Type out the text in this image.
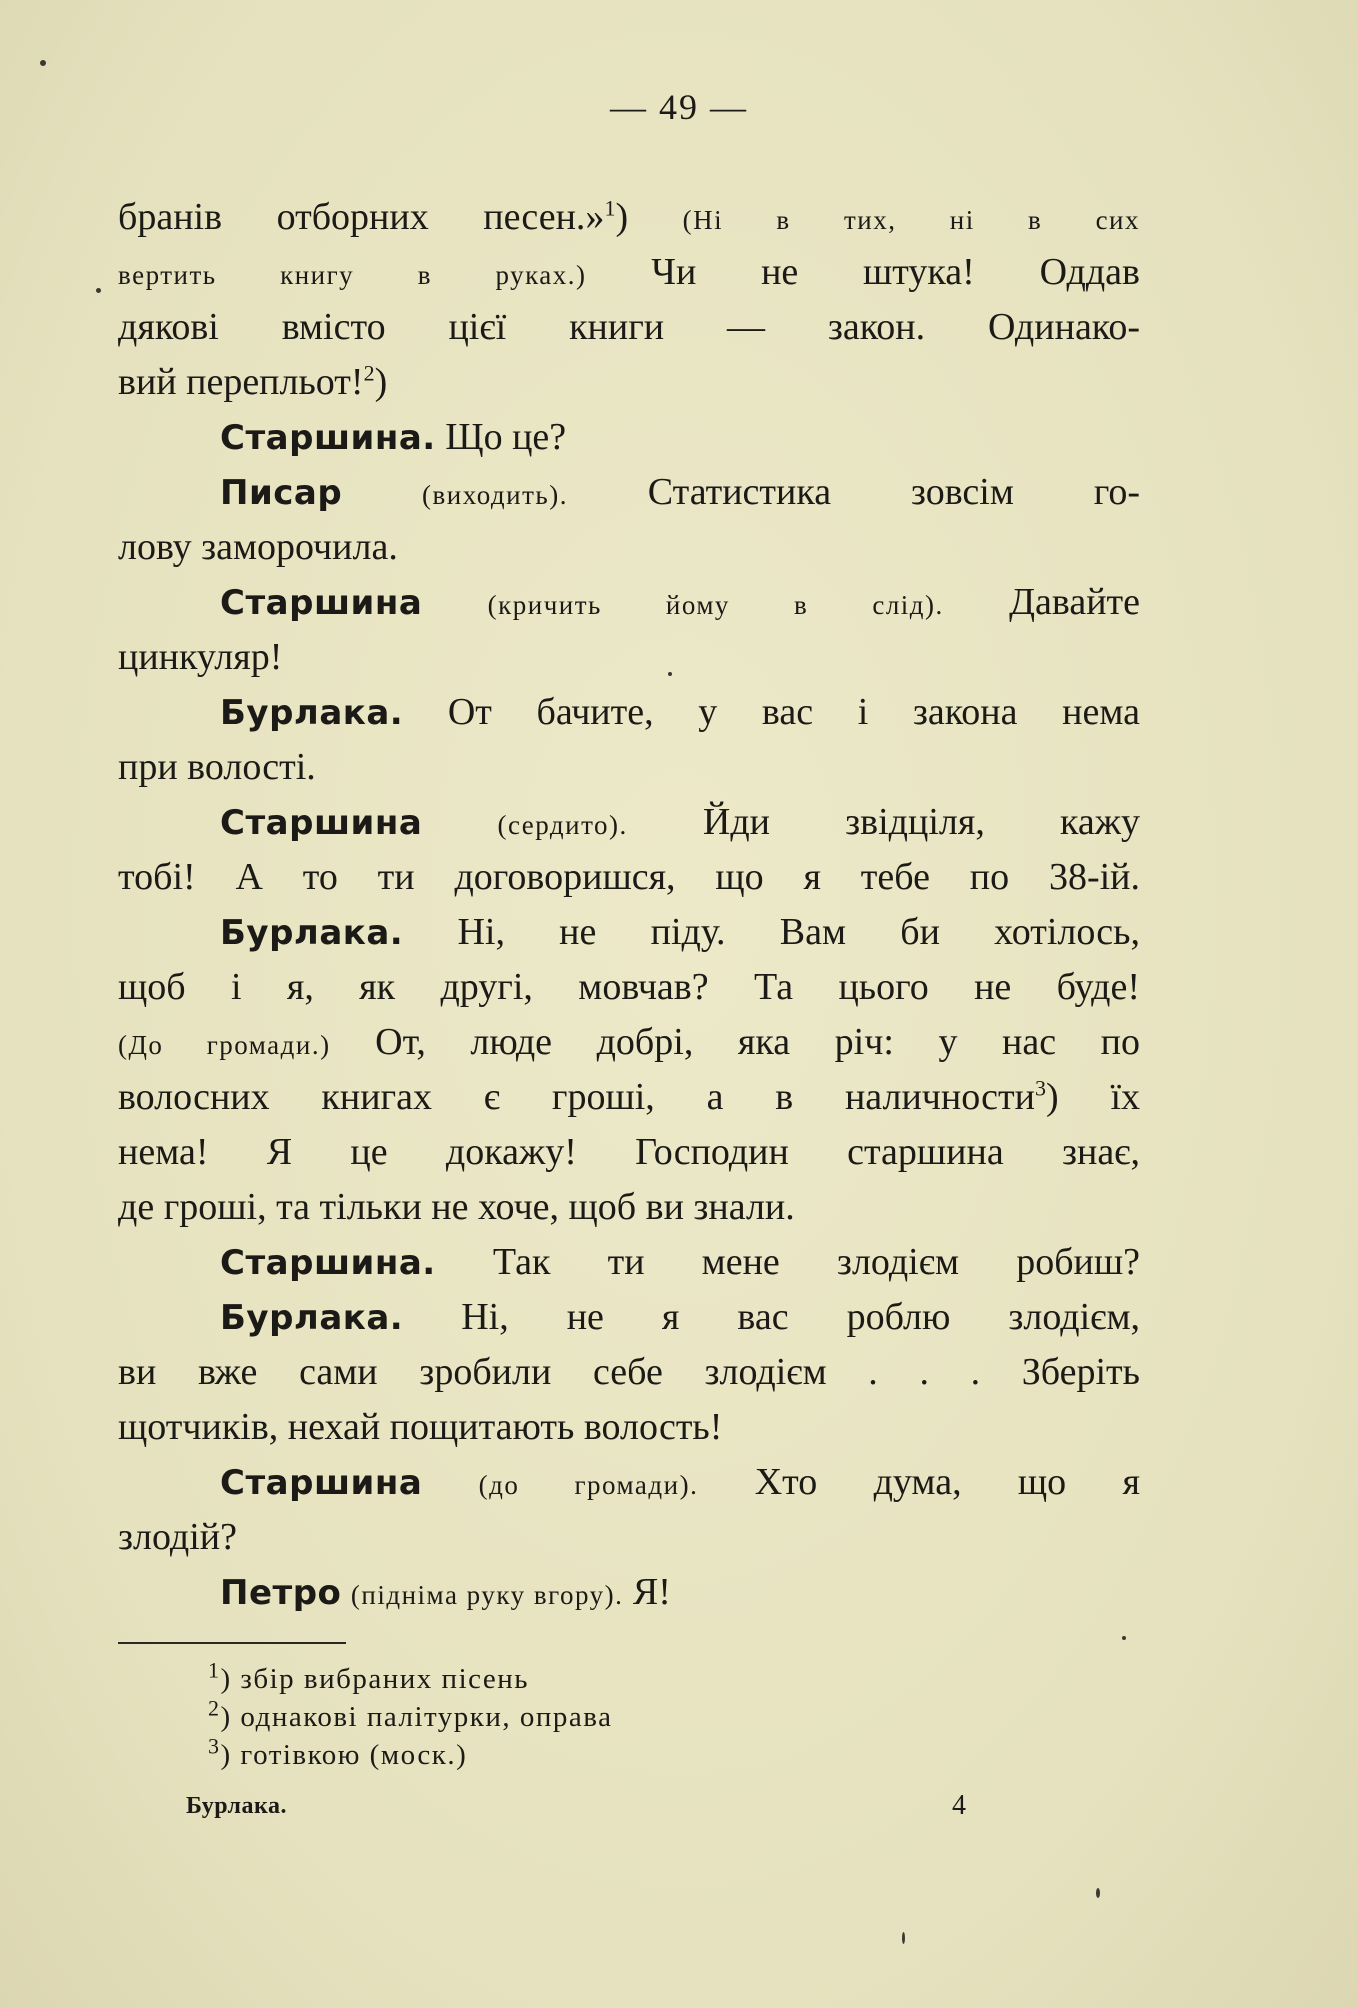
— 49 —
бранів отборних песен.»$^1$) (Ні в тих, ні в сих
вертить книгу в руках.) Чи не штука! Оддав
дякові вмісто цієї книги — закон. Одинако-
вий перепльот!$^2$)
Старшина. Що це?
Писар	(виходить). Статистика зовсім го-
лову заморочила.
Старшина (кричить йому в слід). Давайте
цинкуляр!
Бурлака. От бачите, у вас і закона нема
при волості.
Старшина	(сердито). Йди звідціля, кажу
тобі! А то ти договоришся, що я тебе по 38-ій.
Бурлака. Ні, не піду. Вам би хотілось,
щоб і я, як другі, мовчав? Та цього не буде!
(До громади.) От, люде добрі, яка річ: у нас по
волосних книгах є гроші, а в наличности$^3$) їх
нема! Я це докажу! Господин старшина знає,
де гроші, та тільки не хоче, щоб ви знали.
Старшина. Так ти мене злодієм робиш?
Бурлака. Ні, не я вас роблю злодієм,
ви вже сами зробили себе злодієм . . . Зберіть
щотчиків, нехай пощитають волость!
Старшина (до громади). Хто дума, що я
злодій?
Петро (підніма руку вгору). Я!
$^1$) збір вибраних пісень
$^2$) однакові палітурки, оправа
$^3$) готівкою (моск.)
Бурлака.	4
